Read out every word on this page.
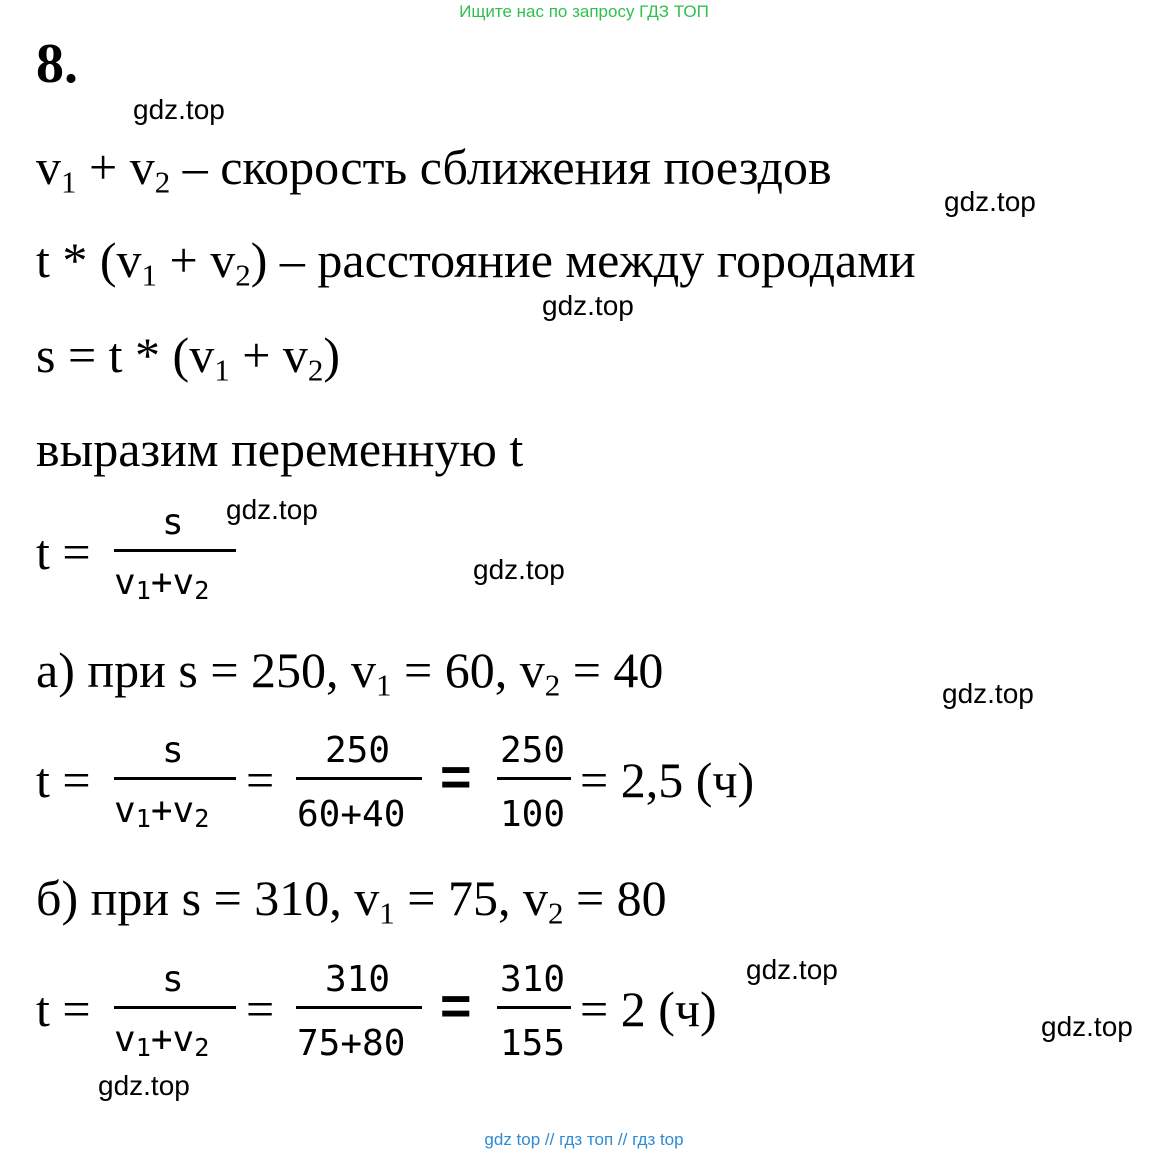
Ищите нас по запросу ГДЗ ТОП
8.
gdz.top
$v_1 + v_2$ – скорость сближения поездов
gdz.top
$t * (v_1 + v_2)$ – расстояние между городами
gdz.top
$s = t * (v_1 + v_2)$
выразим переменную t
t =
s
v1+v2
gdz.top
gdz.top
а) при s = 250, $v_1 = 60$, $v_2 = 40$	gdz.top
t =
s
v1+v2
=
250
60+40
= 250
100
= 2,5 (ч)
б) при s = 310, $v_1 = 75$, $v_2 = 80$
t =
s
v1+v2
=
310
75+80
= 310
155
= 2 (ч)
gdz.top
gdz.top
gdz.top
gdz top // гдз топ // гдз top
